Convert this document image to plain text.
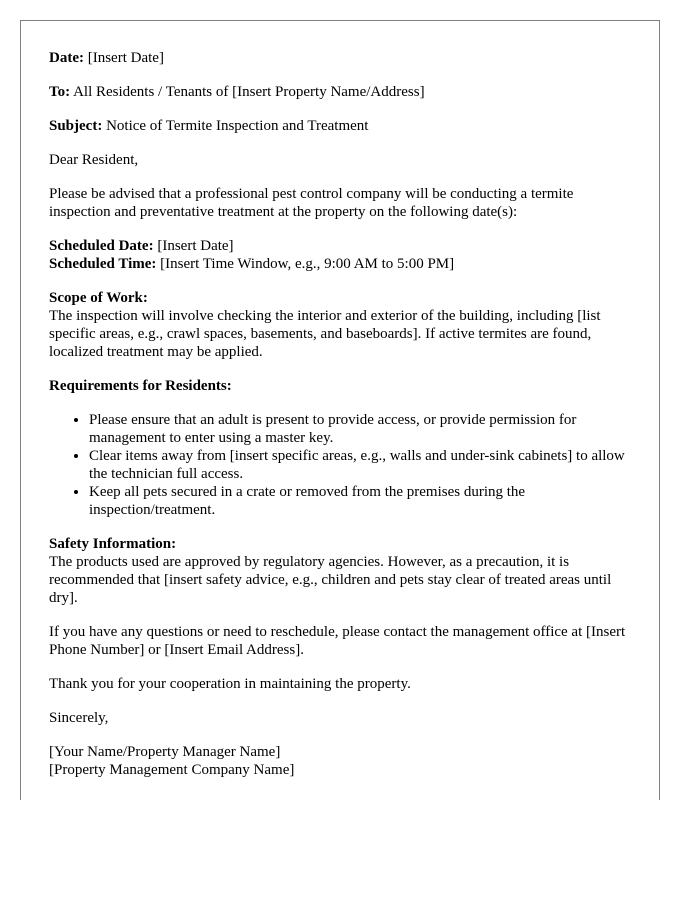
Date: [Insert Date]

To: All Residents / Tenants of [Insert Property Name/Address]

Subject: Notice of Termite Inspection and Treatment

Dear Resident,

Please be advised that a professional pest control company will be conducting a termite inspection and preventative treatment at the property on the following date(s):

Scheduled Date: [Insert Date]

Scheduled Time: [Insert Time Window, e.g., 9:00 AM to 5:00 PM]

Scope of Work:

The inspection will involve checking the interior and exterior of the building, including [list specific areas, e.g., crawl spaces, basements, and baseboards]. If active termites are found, localized treatment may be applied.

Requirements for Residents:

• Please ensure that an adult is present to provide access, or provide permission for management to enter using a master key.
• Clear items away from [insert specific areas, e.g., walls and under-sink cabinets] to allow the technician full access.
• Keep all pets secured in a crate or removed from the premises during the inspection/treatment.

Safety Information:

The products used are approved by regulatory agencies. However, as a precaution, it is recommended that [insert safety advice, e.g., children and pets stay clear of treated areas until dry].

If you have any questions or need to reschedule, please contact the management office at [Insert Phone Number] or [Insert Email Address].

Thank you for your cooperation in maintaining the property.

Sincerely,

[Your Name/Property Manager Name]

[Property Management Company Name]
